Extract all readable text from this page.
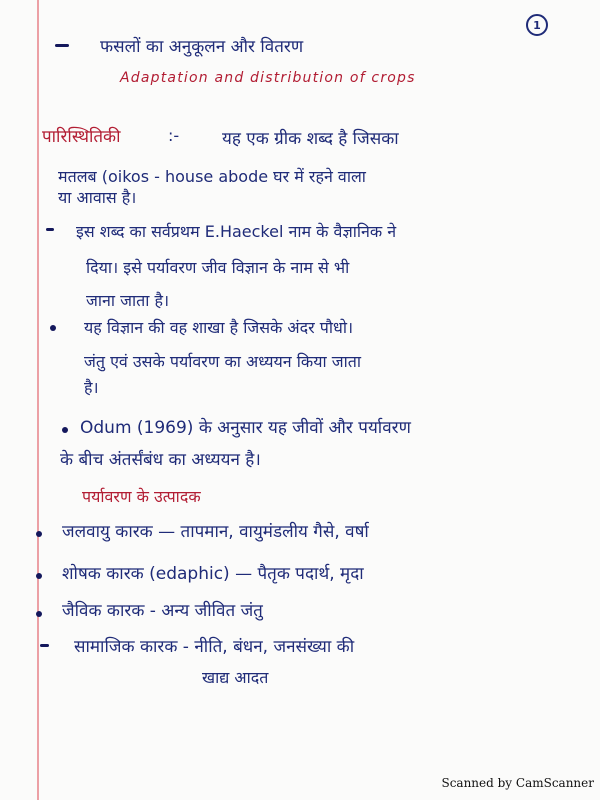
1
फसलों का अनुकूलन और वितरण
Adaptation and distribution of crops
पारिस्थितिकी	:-	यह एक ग्रीक शब्द है जिसका
मतलब (oikos - house abode घर में रहने वाला
या आवास है।
इस शब्द का सर्वप्रथम E.Haeckel नाम के वैज्ञानिक ने
दिया। इसे पर्यावरण जीव विज्ञान के नाम से भी
जाना जाता है।
यह विज्ञान की वह शाखा है जिसके अंदर पौधो।
जंतु एवं उसके पर्यावरण का अध्ययन किया जाता
है।
Odum (1969) के अनुसार यह जीवों और पर्यावरण
के बीच अंतर्संबंध का अध्ययन है।
पर्यावरण के उत्पादक
जलवायु कारक — तापमान, वायुमंडलीय गैसे, वर्षा
शोषक कारक (edaphic) — पैतृक पदार्थ, मृदा
जैविक कारक - अन्य जीवित जंतु
सामाजिक कारक - नीति, बंधन, जनसंख्या की
खाद्य आदत
Scanned by CamScanner
